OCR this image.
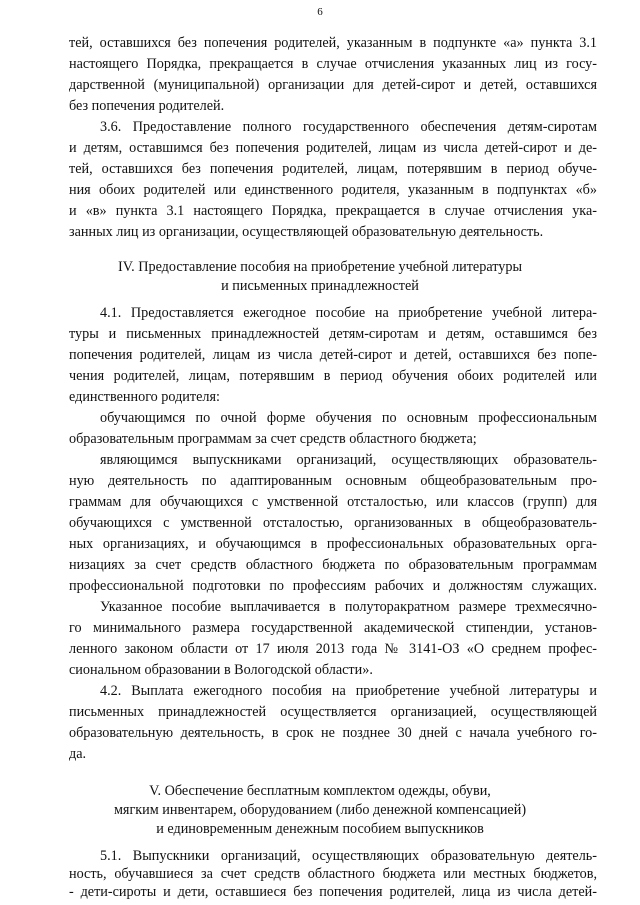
6
тей, оставшихся без попечения родителей, указанным в подпункте «а» пункта 3.1
настоящего Порядка, прекращается в случае отчисления указанных лиц из госу-
дарственной (муниципальной) организации для детей-сирот и детей, оставшихся
без попечения родителей.
3.6. Предоставление полного государственного обеспечения детям-сиротам
и детям, оставшимся без попечения родителей, лицам из числа детей-сирот и де-
тей, оставшихся без попечения родителей, лицам, потерявшим в период обуче-
ния обоих родителей или единственного родителя, указанным в подпунктах «б»
и «в» пункта 3.1 настоящего Порядка, прекращается в случае отчисления ука-
занных лиц из организации, осуществляющей образовательную деятельность.
IV. Предоставление пособия на приобретение учебной литературы
и письменных принадлежностей
4.1. Предоставляется ежегодное пособие на приобретение учебной литера-
туры и письменных принадлежностей детям-сиротам и детям, оставшимся без
попечения родителей, лицам из числа детей-сирот и детей, оставшихся без попе-
чения родителей, лицам, потерявшим в период обучения обоих родителей или
единственного родителя:
обучающимся по очной форме обучения по основным профессиональным
образовательным программам за счет средств областного бюджета;
являющимся выпускниками организаций, осуществляющих образователь-
ную деятельность по адаптированным основным общеобразовательным про-
граммам для обучающихся с умственной отсталостью, или классов (групп) для
обучающихся с умственной отсталостью, организованных в общеобразователь-
ных организациях, и обучающимся в профессиональных образовательных орга-
низациях за счет средств областного бюджета по образовательным программам
профессиональной подготовки по профессиям рабочих и должностям служащих.
Указанное пособие выплачивается в полуторакратном размере трехмесячно-
го минимального размера государственной академической стипендии, установ-
ленного законом области от 17 июля 2013 года № 3141-ОЗ «О среднем профес-
сиональном образовании в Вологодской области».
4.2. Выплата ежегодного пособия на приобретение учебной литературы и
письменных принадлежностей осуществляется организацией, осуществляющей
образовательную деятельность, в срок не позднее 30 дней с начала учебного го-
да.
V. Обеспечение бесплатным комплектом одежды, обуви,
мягким инвентарем, оборудованием (либо денежной компенсацией)
и единовременным денежным пособием выпускников
5.1. Выпускники организаций, осуществляющих образовательную деятель-
ность, обучавшиеся за счет средств областного бюджета или местных бюджетов,
- дети-сироты и дети, оставшиеся без попечения родителей, лица из числа детей-
